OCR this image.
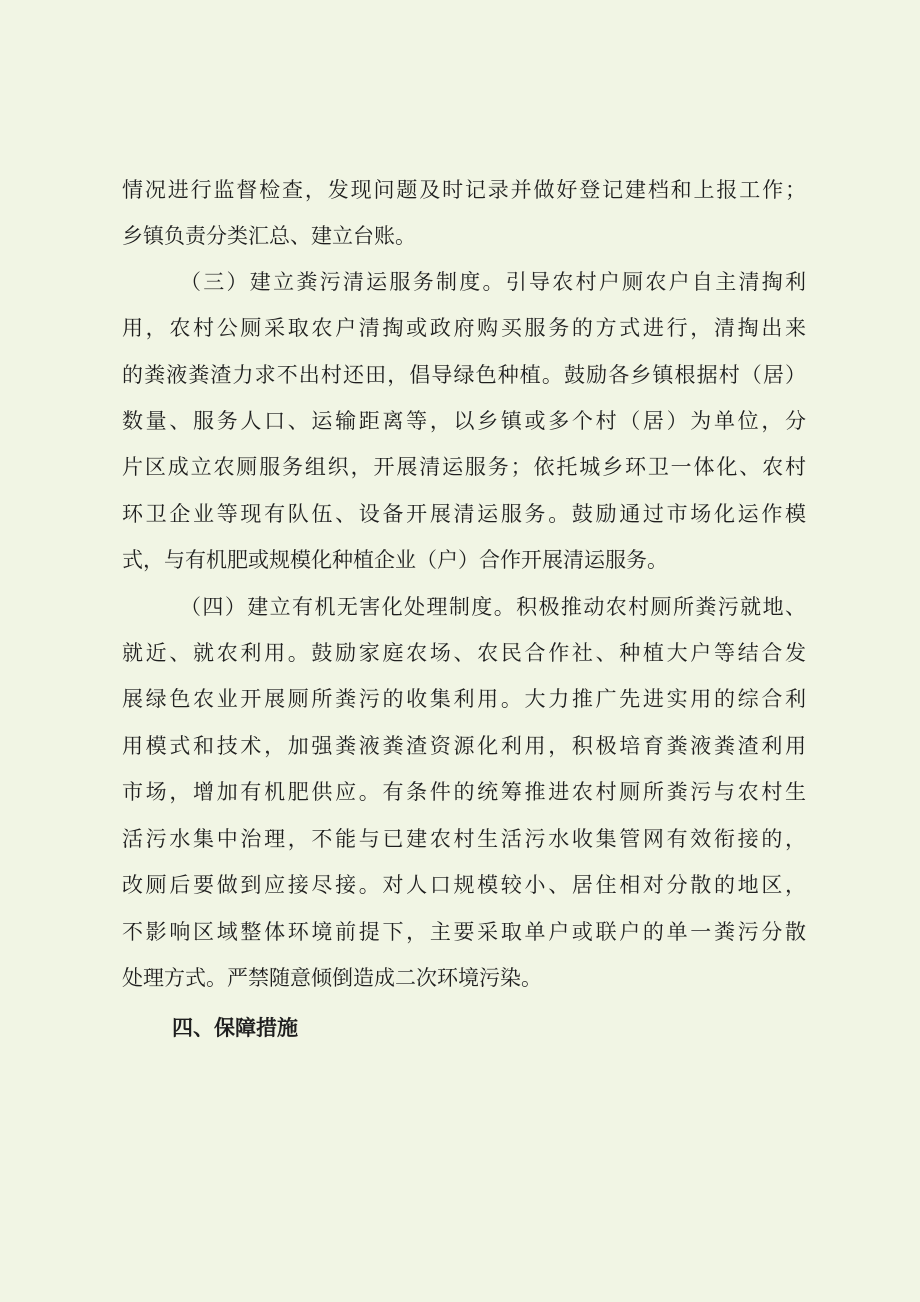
情况进行监督检查，发现问题及时记录并做好登记建档和上报工作；
乡镇负责分类汇总、建立台账。
（三）建立粪污清运服务制度。引导农村户厕农户自主清掏利
用，农村公厕采取农户清掏或政府购买服务的方式进行，清掏出来
的粪液粪渣力求不出村还田，倡导绿色种植。鼓励各乡镇根据村（居）
数量、服务人口、运输距离等，以乡镇或多个村（居）为单位，分
片区成立农厕服务组织，开展清运服务；依托城乡环卫一体化、农村
环卫企业等现有队伍、设备开展清运服务。鼓励通过市场化运作模
式，与有机肥或规模化种植企业（户）合作开展清运服务。
（四）建立有机无害化处理制度。积极推动农村厕所粪污就地、
就近、就农利用。鼓励家庭农场、农民合作社、种植大户等结合发
展绿色农业开展厕所粪污的收集利用。大力推广先进实用的综合利
用模式和技术，加强粪液粪渣资源化利用，积极培育粪液粪渣利用
市场，增加有机肥供应。有条件的统筹推进农村厕所粪污与农村生
活污水集中治理，不能与已建农村生活污水收集管网有效衔接的，
改厕后要做到应接尽接。对人口规模较小、居住相对分散的地区，
不影响区域整体环境前提下，主要采取单户或联户的单一粪污分散
处理方式。严禁随意倾倒造成二次环境污染。
四、保障措施
